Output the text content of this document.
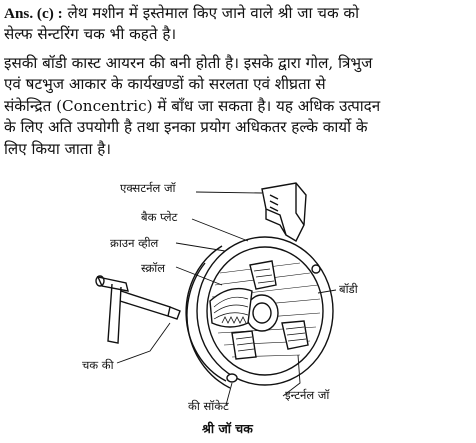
Ans. (c) : लेथ मशीन में इस्तेमाल किए जाने वाले श्री जा चक को
सेल्फ सेन्टरिंग चक भी कहते है।

इसकी बॉडी कास्ट आयरन की बनी होती है। इसके द्वारा गोल, त्रिभुज
एवं षटभुज आकार के कार्यखण्डों को सरलता एवं शीघ्रता से
संकेन्द्रित (Concentric) में बाँध जा सकता है। यह अधिक उत्पादन
के लिए अति उपयोगी है तथा इनका प्रयोग अधिकतर हल्के कार्यो के
लिए किया जाता है।

एक्सटर्नल जॉ
बैक प्लेट
क्राउन व्हील
स्क्रॉल
बॉडी
चक की
की सॉकेट
इन्टर्नल जॉ
श्री जॉ चक
